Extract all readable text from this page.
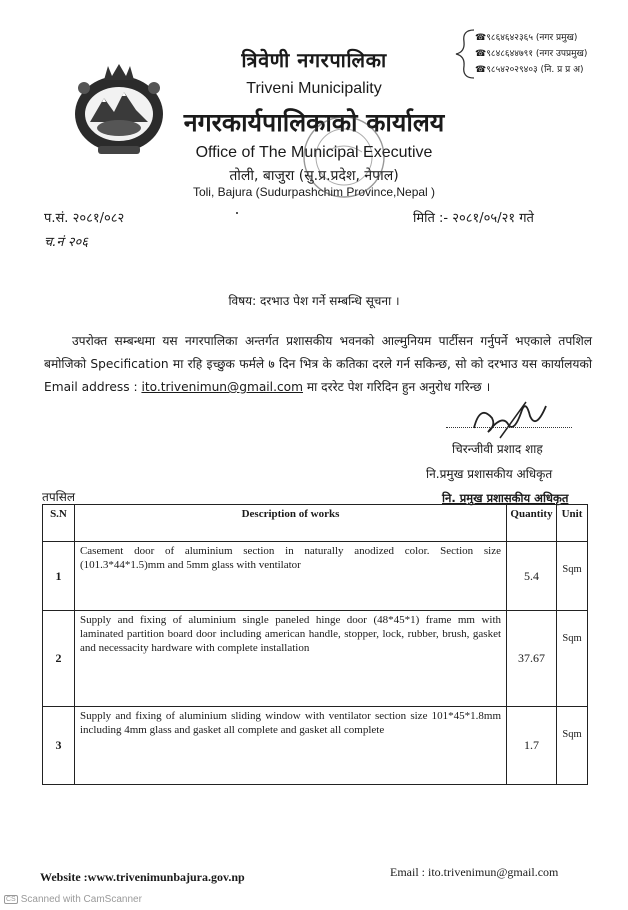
त्रिवेणी नगरपालिका
Triveni Municipality
नगरकार्यपालिकाको कार्यालय
Office of The Municipal Executive
तोली, बाजुरा (सु.प्र.प्रदेश, नेपाल)
Toli, Bajura (Sudurpashchim Province,Nepal )
☎९८६४६४२३६५ (नगर प्रमुख)
☎९८४८६४४७९१ (नगर उपप्रमुख)
☎९८५४२०२९४०३ (नि. प्र प्र अ)
प.सं. २०८१/०८२	मिति :- २०८१/०५/२१ गते
च.नं २०६
विषय: दरभाउ पेश गर्ने सम्बन्धि सूचना ।
उपरोक्त सम्बन्धमा यस नगरपालिका अन्तर्गत प्रशासकीय भवनको आल्मुनियम पार्टीसन गर्नुपर्ने भएकाले तपशिल बमोजिको Specification मा रहि इच्छुक फर्मले ७ दिन भित्र के कतिका दरले गर्न सकिन्छ, सो को दरभाउ यस कार्यालयको Email address : ito.trivenimun@gmail.com मा दररेट पेश गरिदिन हुन अनुरोध गरिन्छ ।
चिरन्जीवी प्रशाद शाह
नि.प्रमुख प्रशासकीय अधिकृत
नि. प्रमुख प्रशासकीय अधिकृत
तपसिल
S.N	Description of works	Quantity	Unit
1	Casement door of aluminium section in naturally anodized color. Section size (101.3*44*1.5)mm and 5mm glass with ventilator	5.4	Sqm
2	Supply and fixing of aluminium single paneled hinge door (48*45*1) frame mm with laminated partition board door including american handle, stopper, lock, rubber, brush, gasket and necessacity hardware with complete installation	37.67	Sqm
3	Supply and fixing of aluminium sliding window with ventilator section size 101*45*1.8mm including 4mm glass and gasket all complete and gasket all complete	1.7	Sqm
Website :www.trivenimunbajura.gov.np	Email : ito.trivenimun@gmail.com
CS Scanned with CamScanner
